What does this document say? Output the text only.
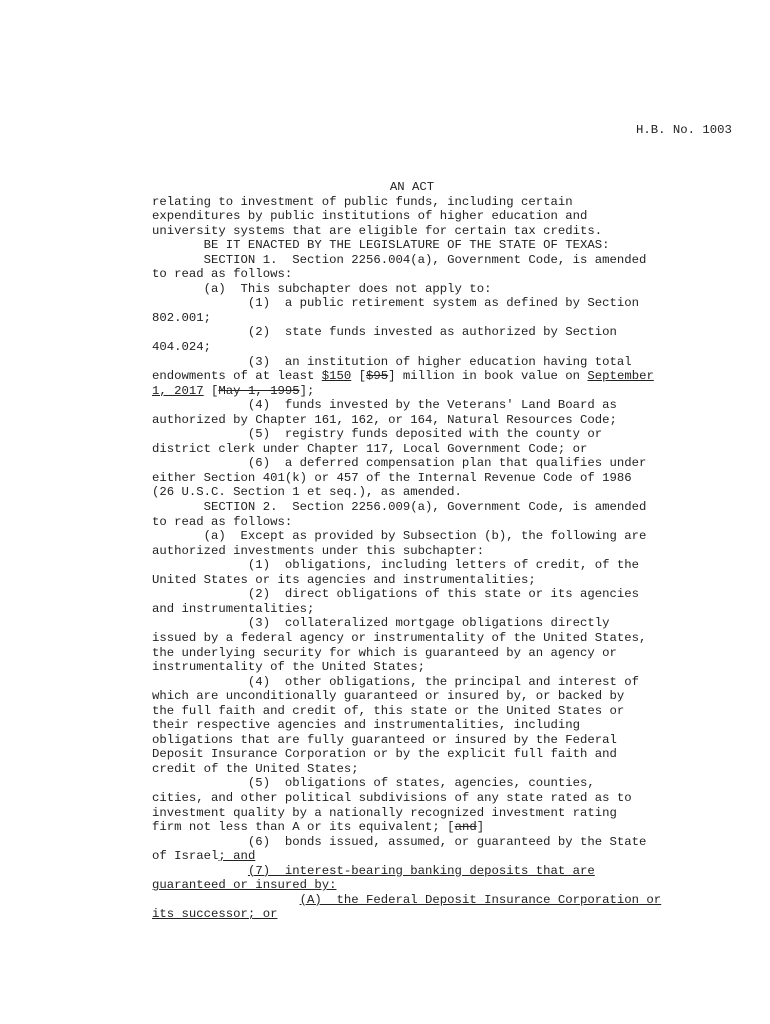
H.B. No. 1003
AN ACT
relating to investment of public funds, including certain
expenditures by public institutions of higher education and
university systems that are eligible for certain tax credits.
BE IT ENACTED BY THE LEGISLATURE OF THE STATE OF TEXAS:
SECTION 1.  Section 2256.004(a), Government Code, is amended
to read as follows:
(a)  This subchapter does not apply to:
(1)  a public retirement system as defined by Section
802.001;
(2)  state funds invested as authorized by Section
404.024;
(3)  an institution of higher education having total
endowments of at least $150 [$95] million in book value on September
1, 2017 [May 1, 1995];
(4)  funds invested by the Veterans' Land Board as
authorized by Chapter 161, 162, or 164, Natural Resources Code;
(5)  registry funds deposited with the county or
district clerk under Chapter 117, Local Government Code; or
(6)  a deferred compensation plan that qualifies under
either Section 401(k) or 457 of the Internal Revenue Code of 1986
(26 U.S.C. Section 1 et seq.), as amended.
SECTION 2.  Section 2256.009(a), Government Code, is amended
to read as follows:
(a)  Except as provided by Subsection (b), the following are
authorized investments under this subchapter:
(1)  obligations, including letters of credit, of the
United States or its agencies and instrumentalities;
(2)  direct obligations of this state or its agencies
and instrumentalities;
(3)  collateralized mortgage obligations directly
issued by a federal agency or instrumentality of the United States,
the underlying security for which is guaranteed by an agency or
instrumentality of the United States;
(4)  other obligations, the principal and interest of
which are unconditionally guaranteed or insured by, or backed by
the full faith and credit of, this state or the United States or
their respective agencies and instrumentalities, including
obligations that are fully guaranteed or insured by the Federal
Deposit Insurance Corporation or by the explicit full faith and
credit of the United States;
(5)  obligations of states, agencies, counties,
cities, and other political subdivisions of any state rated as to
investment quality by a nationally recognized investment rating
firm not less than A or its equivalent; [and]
(6)  bonds issued, assumed, or guaranteed by the State
of Israel; and
(7)  interest-bearing banking deposits that are
guaranteed or insured by:
(A)  the Federal Deposit Insurance Corporation or
its successor; or
